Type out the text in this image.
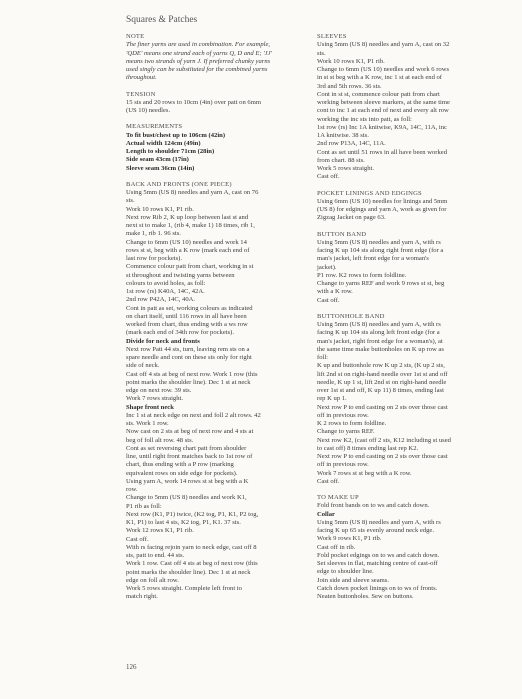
Squares & Patches
NOTE
The finer yarns are used in combination. For example,
'QDE' means one strand each of yarns Q, D and E; 'JJ'
means two strands of yarn J. If preferred chunky yarns
used singly can be substituted for the combined yarns
throughout.
TENSION
15 sts and 20 rows to 10cm (4in) over patt on 6mm
(US 10) needles.
MEASUREMENTS
To fit bust/chest up to 106cm (42in)
Actual width 124cm (49in)
Length to shoulder 71cm (28in)
Side seam 43cm (17in)
Sleeve seam 36cm (14in)
BACK AND FRONTS (ONE PIECE)
Using 5mm (US 8) needles and yarn A, cast on 76
sts.
Work 10 rows K1, P1 rib.
Next row Rib 2, K up loop between last st and
next st to make 1, (rib 4, make 1) 18 times, rib 1,
make 1, rib 1. 96 sts.
Change to 6mm (US 10) needles and work 14
rows st st, beg with a K row (mark each end of
last row for pockets).
Commence colour patt from chart, working in st
st throughout and twisting yarns between
colours to avoid holes, as foll:
1st row (rs) K40A, 14C, 42A.
2nd row P42A, 14C, 40A.
Cont in patt as set, working colours as indicated
on chart itself, until 116 rows in all have been
worked from chart, thus ending with a ws row
(mark each end of 34th row for pockets).
Divide for neck and fronts
Next row Patt 44 sts, turn, leaving rem sts on a
spare needle and cont on these sts only for right
side of neck.
Cast off 4 sts at beg of next row. Work 1 row (this
point marks the shoulder line). Dec 1 st at neck
edge on next row. 39 sts.
Work 7 rows straight.
Shape front neck
Inc 1 st at neck edge on next and foll 2 alt rows. 42
sts. Work 1 row.
Now cast on 2 sts at beg of next row and 4 sts at
beg of foll alt row. 48 sts.
Cont as set reversing chart patt from shoulder
line, until right front matches back to 1st row of
chart, thus ending with a P row (marking
equivalent rows on side edge for pockets).
Using yarn A, work 14 rows st st beg with a K
row.
Change to 5mm (US 8) needles and work K1,
P1 rib as foll:
Next row (K1, P1) twice, (K2 tog, P1, K1, P2 tog,
K1, P1) to last 4 sts, K2 tog, P1, K1. 37 sts.
Work 12 rows K1, P1 rib.
Cast off.
With rs facing rejoin yarn to neck edge, cast off 8
sts, patt to end. 44 sts.
Work 1 row. Cast off 4 sts at beg of next row (this
point marks the shoulder line). Dec 1 st at neck
edge on foll alt row.
Work 5 rows straight. Complete left front to
match right.
SLEEVES
Using 5mm (US 8) needles and yarn A, cast on 32
sts.
Work 10 rows K1, P1 rib.
Change to 6mm (US 10) needles and work 6 rows
in st st beg with a K row, inc 1 st at each end of
3rd and 5th rows. 36 sts.
Cont in st st, commence colour patt from chart
working between sleeve markers, at the same time
cont to inc 1 at each end of next and every alt row
working the inc sts into patt, as foll:
1st row (rs) Inc 1A knitwise, K9A, 14C, 11A, inc
1A knitwise. 38 sts.
2nd row P13A, 14C, 11A.
Cont as set until 51 rows in all have been worked
from chart. 88 sts.
Work 5 rows straight.
Cast off.
POCKET LININGS AND EDGINGS
Using 6mm (US 10) needles for linings and 5mm
(US 8) for edgings and yarn A, work as given for
Zigzag Jacket on page 63.
BUTTON BAND
Using 5mm (US 8) needles and yarn A, with rs
facing K up 104 sts along right front edge (for a
man's jacket, left front edge for a woman's
jacket).
P1 row. K2 rows to form foldline.
Change to yarns REF and work 9 rows st st, beg
with a K row.
Cast off.
BUTTONHOLE BAND
Using 5mm (US 8) needles and yarn A, with rs
facing K up 104 sts along left front edge (for a
man's jacket, right front edge for a woman's), at
the same time make buttonholes on K up row as
foll:
K up and buttonhole row K up 2 sts, (K up 2 sts,
lift 2nd st on right-hand needle over 1st st and off
needle, K up 1 st, lift 2nd st on right-hand needle
over 1st st and off, K up 11) 8 times, ending last
rep K up 1.
Next row P to end casting on 2 sts over those cast
off in previous row.
K 2 rows to form foldline.
Change to yarns REF.
Next row K2, (cast off 2 sts, K12 including st used
to cast off) 8 times ending last rep K2.
Next row P to end casting on 2 sts over those cast
off in previous row.
Work 7 rows st st beg with a K row.
Cast off.
TO MAKE UP
Fold front bands on to ws and catch down.
Collar
Using 5mm (US 8) needles and yarn A, with rs
facing K up 65 sts evenly around neck edge.
Work 9 rows K1, P1 rib.
Cast off in rib.
Fold pocket edgings on to ws and catch down.
Set sleeves in flat, matching centre of cast-off
edge to shoulder line.
Join side and sleeve seams.
Catch down pocket linings on to ws of fronts.
Neaten buttonholes. Sew on buttons.
126
